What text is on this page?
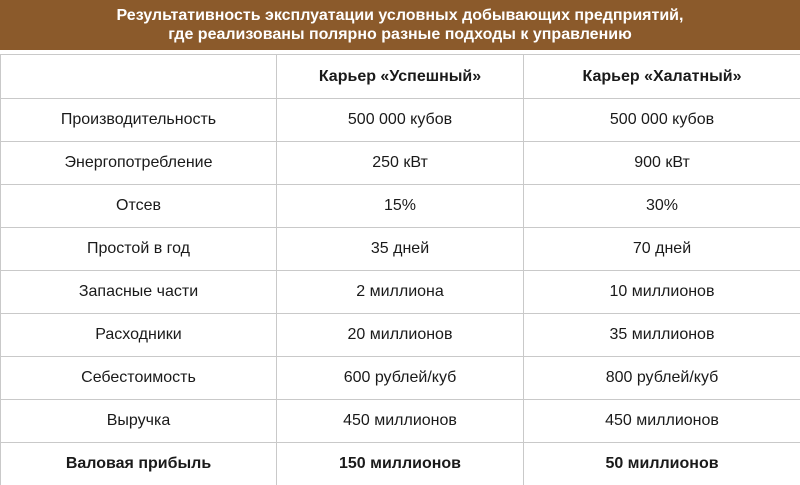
Результативность эксплуатации условных добывающих предприятий,
где реализованы полярно разные подходы к управлению
	Карьер «Успешный»	Карьер «Халатный»
Производительность	500 000 кубов	500 000 кубов
Энергопотребление	250 кВт	900 кВт
Отсев	15%	30%
Простой в год	35 дней	70 дней
Запасные части	2 миллиона	10 миллионов
Расходники	20 миллионов	35 миллионов
Себестоимость	600 рублей/куб	800 рублей/куб
Выручка	450 миллионов	450 миллионов
Валовая прибыль	150 миллионов	50 миллионов
